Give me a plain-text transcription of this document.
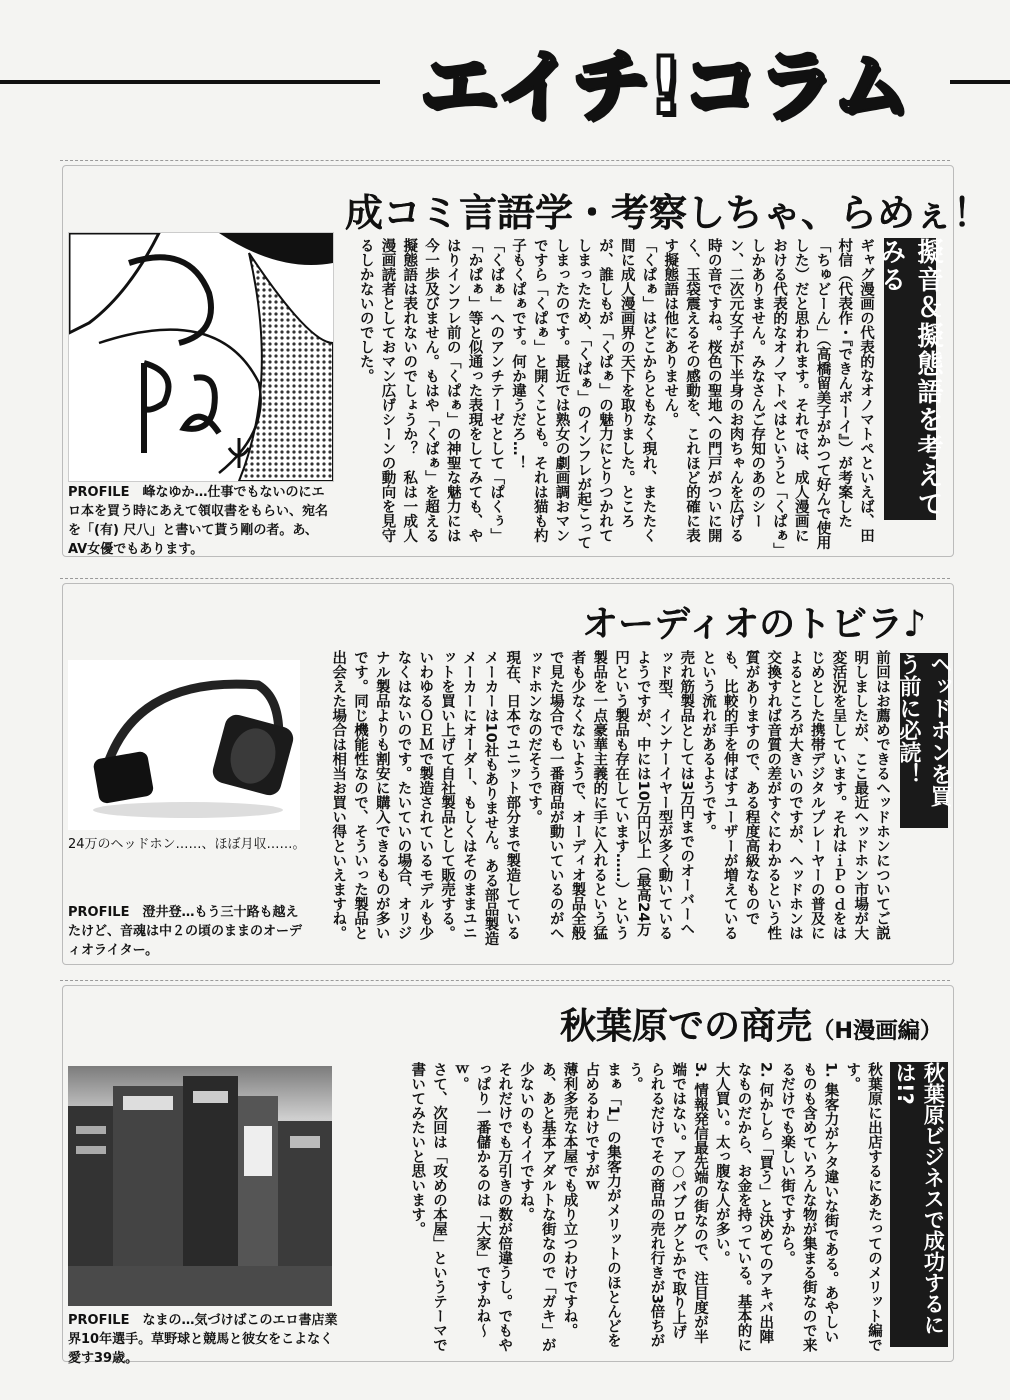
エイチ!コラム
成コミ言語学・考察しちゃ、らめぇ！
擬音＆擬態語を考えてみる

ギャグ漫画の代表的なオノマトペといえば、田村信（代表作・『できんボーイ』）が考案した「ちゅどーん」（高橋留美子がかつて好んで使用した）だと思われます。それでは、成人漫画における代表的なオノマトペはというと「くぱぁ」しかありません。みなさんご存知のあのシーン、二次元女子が下半身のお肉ちゃんを広げる時の音ですね。桜色の聖地への門戸がついに開く、玉袋震えるその感動を、これほど的確に表す擬態語は他にありません。

「くぱぁ」はどこからともなく現れ、またたく間に成人漫画界の天下を取りました。ところが、誰しもが「くぱぁ」の魅力にとりつかれてしまったため、「くぱぁ」のインフレが起こってしまったのです。最近では熟女の劇画調おマンですら「くぱぁ」と開くことも。それは猫も杓子もくぱぁです。何か違うだろ…！

「くぱぁ」へのアンチテーゼとして「ぱくぅ」「かぱぁ」等と似通った表現をしてみても、やはりインフレ前の「くぱぁ」の神聖な魅力には今一歩及びません。もはや「くぱぁ」を超える擬態語は表れないのでしょうか？　私は一成人漫画読者としておマン広げシーンの動向を見守るしかないのでした。

PROFILE　峰なゆか…仕事でもないのにエロ本を買う時にあえて領収書をもらい、宛名を「(有) 尺八」と書いて貰う剛の者。あ、AV女優でもあります。
オーディオのトビラ♪
ヘッドホンを買う前に必読！

前回はお薦めできるヘッドホンについてご説明しましたが、ここ最近ヘッドホン市場が大変活況を呈しています。それはｉＰｏｄをはじめとした携帯デジタルプレーヤーの普及によるところが大きいのですが、ヘッドホンは交換すれば音質の差がすぐにわかるという性質がありますので、ある程度高級なものでも、比較的手を伸ばすユーザーが増えているという流れがあるようです。

売れ筋製品としては3万円までのオーバーヘッド型、インナーイヤー型が多く動いているようですが、中には10万円以上（最高24万円という製品も存在しています……）という製品を一点豪華主義的に手に入れるという猛者も少なくないようで、オーディオ製品全般で見た場合でも一番商品が動いているのがヘッドホンなのだそうです。

現在、日本でユニット部分まで製造しているメーカーは10社もありません。ある部品製造メーカーにオーダー、もしくはそのままユニットを買い上げて自社製品として販売する。いわゆるＯＥＭで製造されているモデルも少なくはないのです。たいていの場合、オリジナル製品よりも割安に購入できるものが多いです。同じ機能性なので、そういった製品と出会えた場合は相当お買い得といえますね。

24万のヘッドホン……、ほぼ月収……。
PROFILE　澄井登…もう三十路も越えたけど、音魂は中２の頃のままのオーディオライター。
秋葉原での商売（H漫画編）
秋葉原ビジネスで成功するには!?

秋葉原に出店するにあたってのメリット編です。

1. 集客力がケタ違いな街である。あやしいものも含めていろんな物が集まる街なので来るだけでも楽しい街ですから。

2. 何かしら「買う」と決めてのアキバ出陣なものだから、お金を持っている。基本的に大人買い。太っ腹な人が多い。

3. 情報発信最先端の街なので、注目度が半端ではない。ア○パブログとかで取り上げられるだけでその商品の売れ行きが3倍ちがう。

まぁ「1」の集客力がメリットのほとんどを占めるわけですがｗ

薄利多売な本屋でも成り立つわけですね。あ、あと基本アダルトな街なので「ガキ」が少ないのもイイですね。

それだけでも万引きの数が倍違うし。でもやっぱり一番儲かるのは「大家」ですかね～ｗ。

さて、次回は「攻めの本屋」というテーマで書いてみたいと思います。

PROFILE　なまの…気づけばこのエロ書店業界10年選手。草野球と競馬と彼女をこよなく愛す39歳。
